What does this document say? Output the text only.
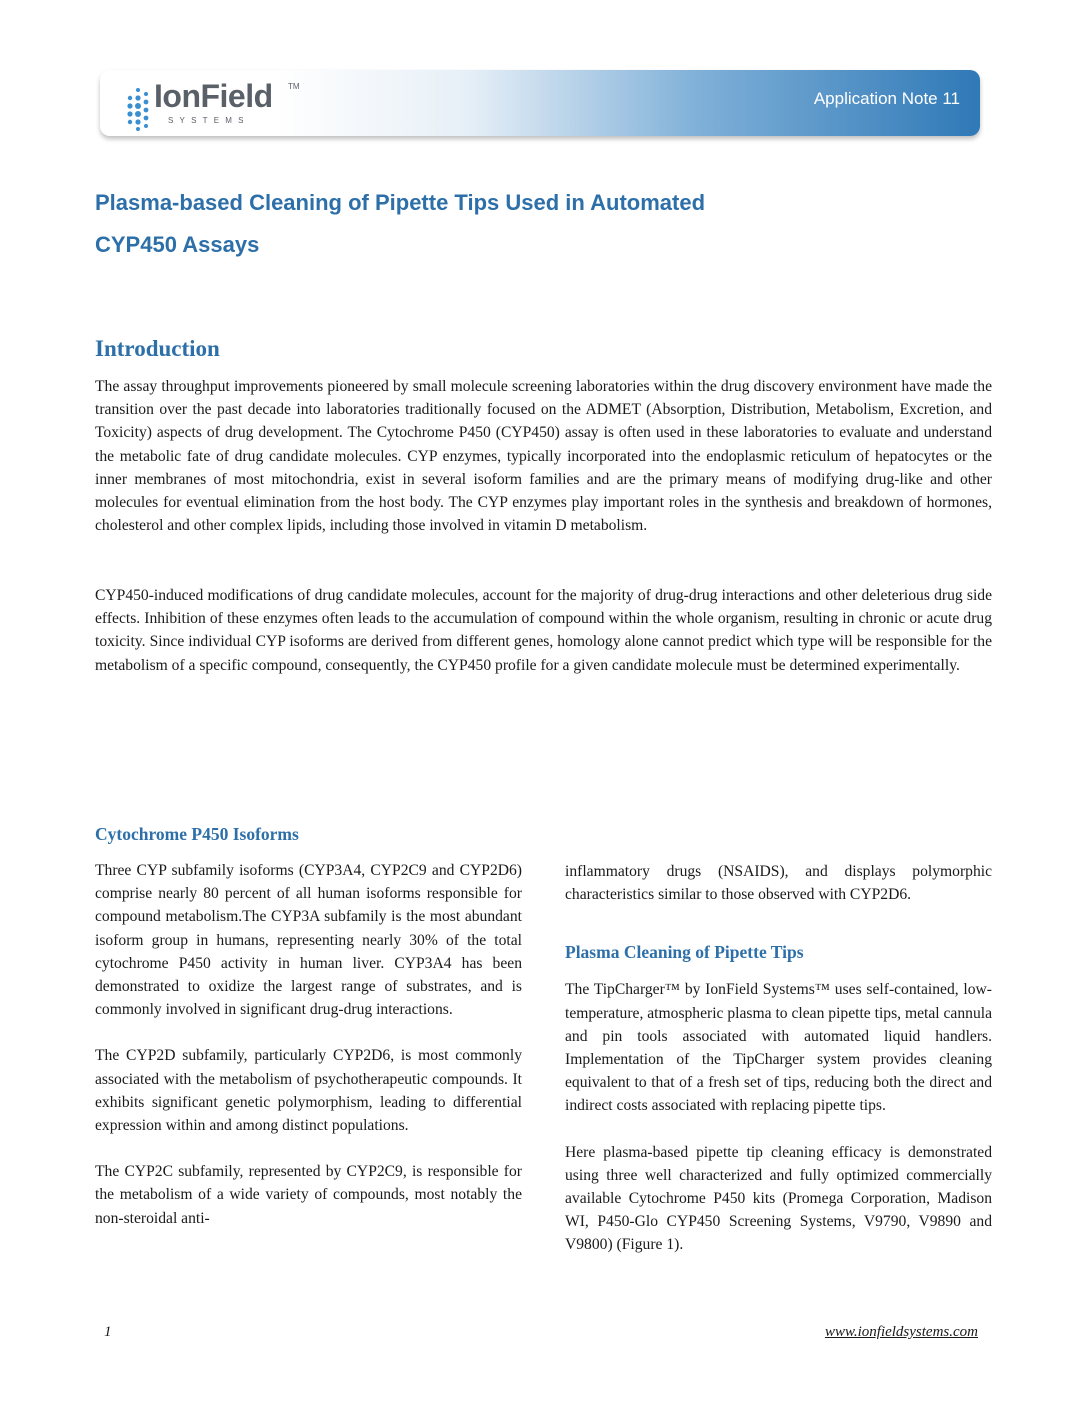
IonField TM
SYSTEMS
Application Note 11
Plasma-based Cleaning of Pipette Tips Used in Automated
CYP450 Assays
Introduction

The assay throughput improvements pioneered by small molecule screening laboratories within the drug discovery environment have made the transition over the past decade into laboratories traditionally focused on the ADMET (Absorption, Distribution, Metabolism, Excretion, and Toxicity) aspects of drug development. The Cytochrome P450 (CYP450) assay is often used in these laboratories to evaluate and understand the metabolic fate of drug candidate molecules. CYP enzymes, typically incorporated into the endoplasmic reticulum of hepatocytes or the inner membranes of most mitochondria, exist in several isoform families and are the primary means of modifying drug-like and other molecules for eventual elimination from the host body. The CYP enzymes play important roles in the synthesis and breakdown of hormones, cholesterol and other complex lipids, including those involved in vitamin D metabolism.

CYP450-induced modifications of drug candidate molecules, account for the majority of drug-drug interactions and other deleterious drug side effects. Inhibition of these enzymes often leads to the accumulation of compound within the whole organism, resulting in chronic or acute drug toxicity. Since individual CYP isoforms are derived from different genes, homology alone cannot predict which type will be responsible for the metabolism of a specific compound, consequently, the CYP450 profile for a given candidate molecule must be determined experimentally.

Cytochrome P450 Isoforms

Three CYP subfamily isoforms (CYP3A4, CYP2C9 and CYP2D6) comprise nearly 80 percent of all human isoforms responsible for compound metabolism.The CYP3A subfamily is the most abundant isoform group in humans, representing nearly 30% of the total cytochrome P450 activity in human liver. CYP3A4 has been demonstrated to oxidize the largest range of substrates, and is commonly involved in significant drug-drug interactions.

The CYP2D subfamily, particularly CYP2D6, is most commonly associated with the metabolism of psychotherapeutic compounds. It exhibits significant genetic polymorphism, leading to differential expression within and among distinct populations.

The CYP2C subfamily, represented by CYP2C9, is responsible for the metabolism of a wide variety of compounds, most notably the non-steroidal anti-

inflammatory drugs (NSAIDS), and displays polymorphic characteristics similar to those observed with CYP2D6.

Plasma Cleaning of Pipette Tips

The TipCharger™ by IonField Systems™ uses self-contained, low-temperature, atmospheric plasma to clean pipette tips, metal cannula and pin tools associated with automated liquid handlers. Implementation of the TipCharger system provides cleaning equivalent to that of a fresh set of tips, reducing both the direct and indirect costs associated with replacing pipette tips.

Here plasma-based pipette tip cleaning efficacy is demonstrated using three well characterized and fully optimized commercially available Cytochrome P450 kits (Promega Corporation, Madison WI, P450-Glo CYP450 Screening Systems, V9790, V9890 and V9800) (Figure 1).

1	www.ionfieldsystems.com
